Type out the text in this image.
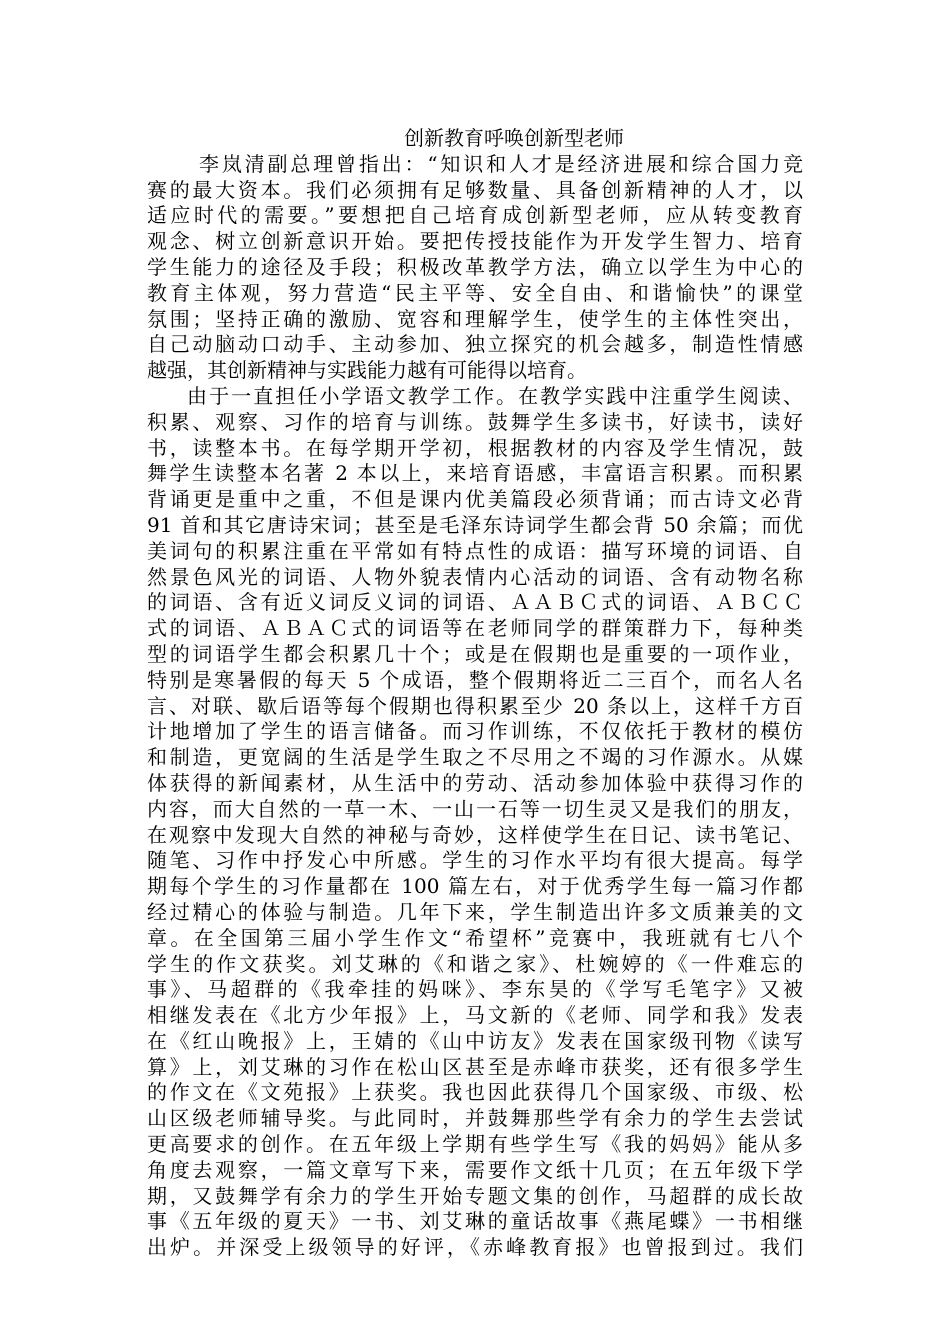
创新教育呼唤创新型老师

李岚清副总理曾指出：“知识和人才是经济进展和综合国力竞
赛的最大资本。我们必须拥有足够数量、具备创新精神的人才，以
适应时代的需要。”要想把自己培育成创新型老师，应从转变教育
观念、树立创新意识开始。要把传授技能作为开发学生智力、培育
学生能力的途径及手段；积极改革教学方法，确立以学生为中心的
教育主体观，努力营造“民主平等、安全自由、和谐愉快”的课堂
氛围；坚持正确的激励、宽容和理解学生，使学生的主体性突出，
自己动脑动口动手、主动参加、独立探究的机会越多，制造性情感
越强，其创新精神与实践能力越有可能得以培育。

由于一直担任小学语文教学工作。在教学实践中注重学生阅读、
积累、观察、习作的培育与训练。鼓舞学生多读书，好读书，读好
书，读整本书。在每学期开学初，根据教材的内容及学生情况，鼓
舞学生读整本名著 2 本以上，来培育语感，丰富语言积累。而积累
背诵更是重中之重，不但是课内优美篇段必须背诵；而古诗文必背
91 首和其它唐诗宋词；甚至是毛泽东诗词学生都会背 50 余篇；而优
美词句的积累注重在平常如有特点性的成语：描写环境的词语、自
然景色风光的词语、人物外貌表情内心活动的词语、含有动物名称
的词语、含有近义词反义词的词语、ＡＡＢＣ式的词语、ＡＢＣＣ
式的词语、ＡＢＡＣ式的词语等在老师同学的群策群力下，每种类
型的词语学生都会积累几十个；或是在假期也是重要的一项作业，
特别是寒暑假的每天 5 个成语，整个假期将近二三百个，而名人名
言、对联、歇后语等每个假期也得积累至少 20 条以上，这样千方百
计地增加了学生的语言储备。而习作训练，不仅依托于教材的模仿
和制造，更宽阔的生活是学生取之不尽用之不竭的习作源水。从媒
体获得的新闻素材，从生活中的劳动、活动参加体验中获得习作的
内容，而大自然的一草一木、一山一石等一切生灵又是我们的朋友，
在观察中发现大自然的神秘与奇妙，这样使学生在日记、读书笔记、
随笔、习作中抒发心中所感。学生的习作水平均有很大提高。每学
期每个学生的习作量都在 100 篇左右，对于优秀学生每一篇习作都
经过精心的体验与制造。几年下来，学生制造出许多文质兼美的文
章。在全国第三届小学生作文“希望杯”竞赛中，我班就有七八个
学生的作文获奖。刘艾琳的《和谐之家》、杜婉婷的《一件难忘的
事》、马超群的《我牵挂的妈咪》、李东昊的《学写毛笔字》又被
相继发表在《北方少年报》上，马文新的《老师、同学和我》发表
在《红山晚报》上，王婧的《山中访友》发表在国家级刊物《读写
算》上，刘艾琳的习作在松山区甚至是赤峰市获奖，还有很多学生
的作文在《文苑报》上获奖。我也因此获得几个国家级、市级、松
山区级老师辅导奖。与此同时，并鼓舞那些学有余力的学生去尝试
更高要求的创作。在五年级上学期有些学生写《我的妈妈》能从多
角度去观察，一篇文章写下来，需要作文纸十几页；在五年级下学
期，又鼓舞学有余力的学生开始专题文集的创作，马超群的成长故
事《五年级的夏天》一书、刘艾琳的童话故事《燕尾蝶》一书相继
出炉。并深受上级领导的好评，《赤峰教育报》也曾报到过。我们
